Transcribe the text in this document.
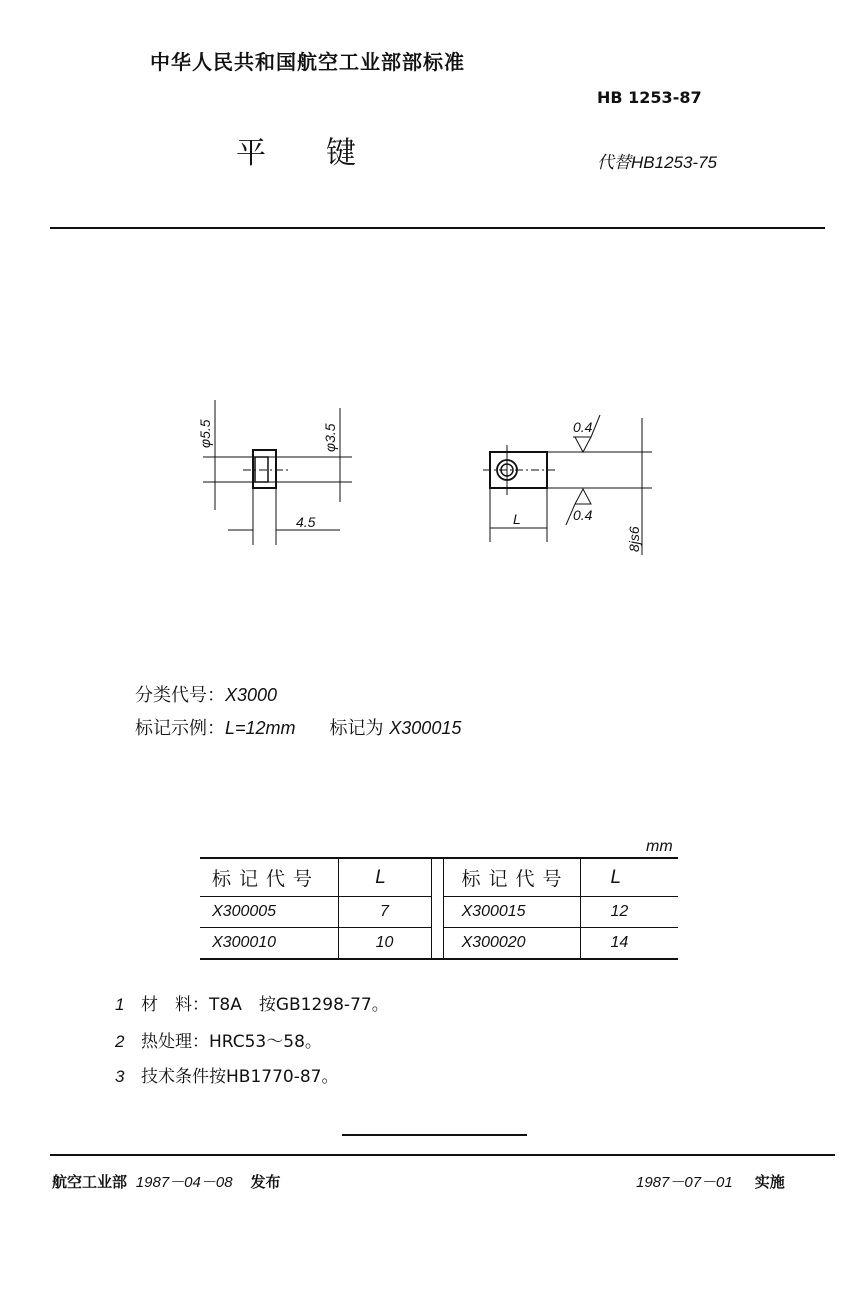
中华人民共和国航空工业部部标准
HB 1253-87
平　　键	代替HB1253-75
φ5.5	φ3.5
4.5	L
0.4
0.4
8js6
分类代号：X3000
标记示例：L=12mm 标记为 X300015
mm
标记代号	L		标记代号	L
X300005	7		X300015	12
X300010	10		X300020	14
1 材　料：T8A　按GB1298-77。
2 热处理：HRC53～58。
3 技术条件按HB1770-87。
航空工业部 1987－04－08 发布	1987－07－01 实施
